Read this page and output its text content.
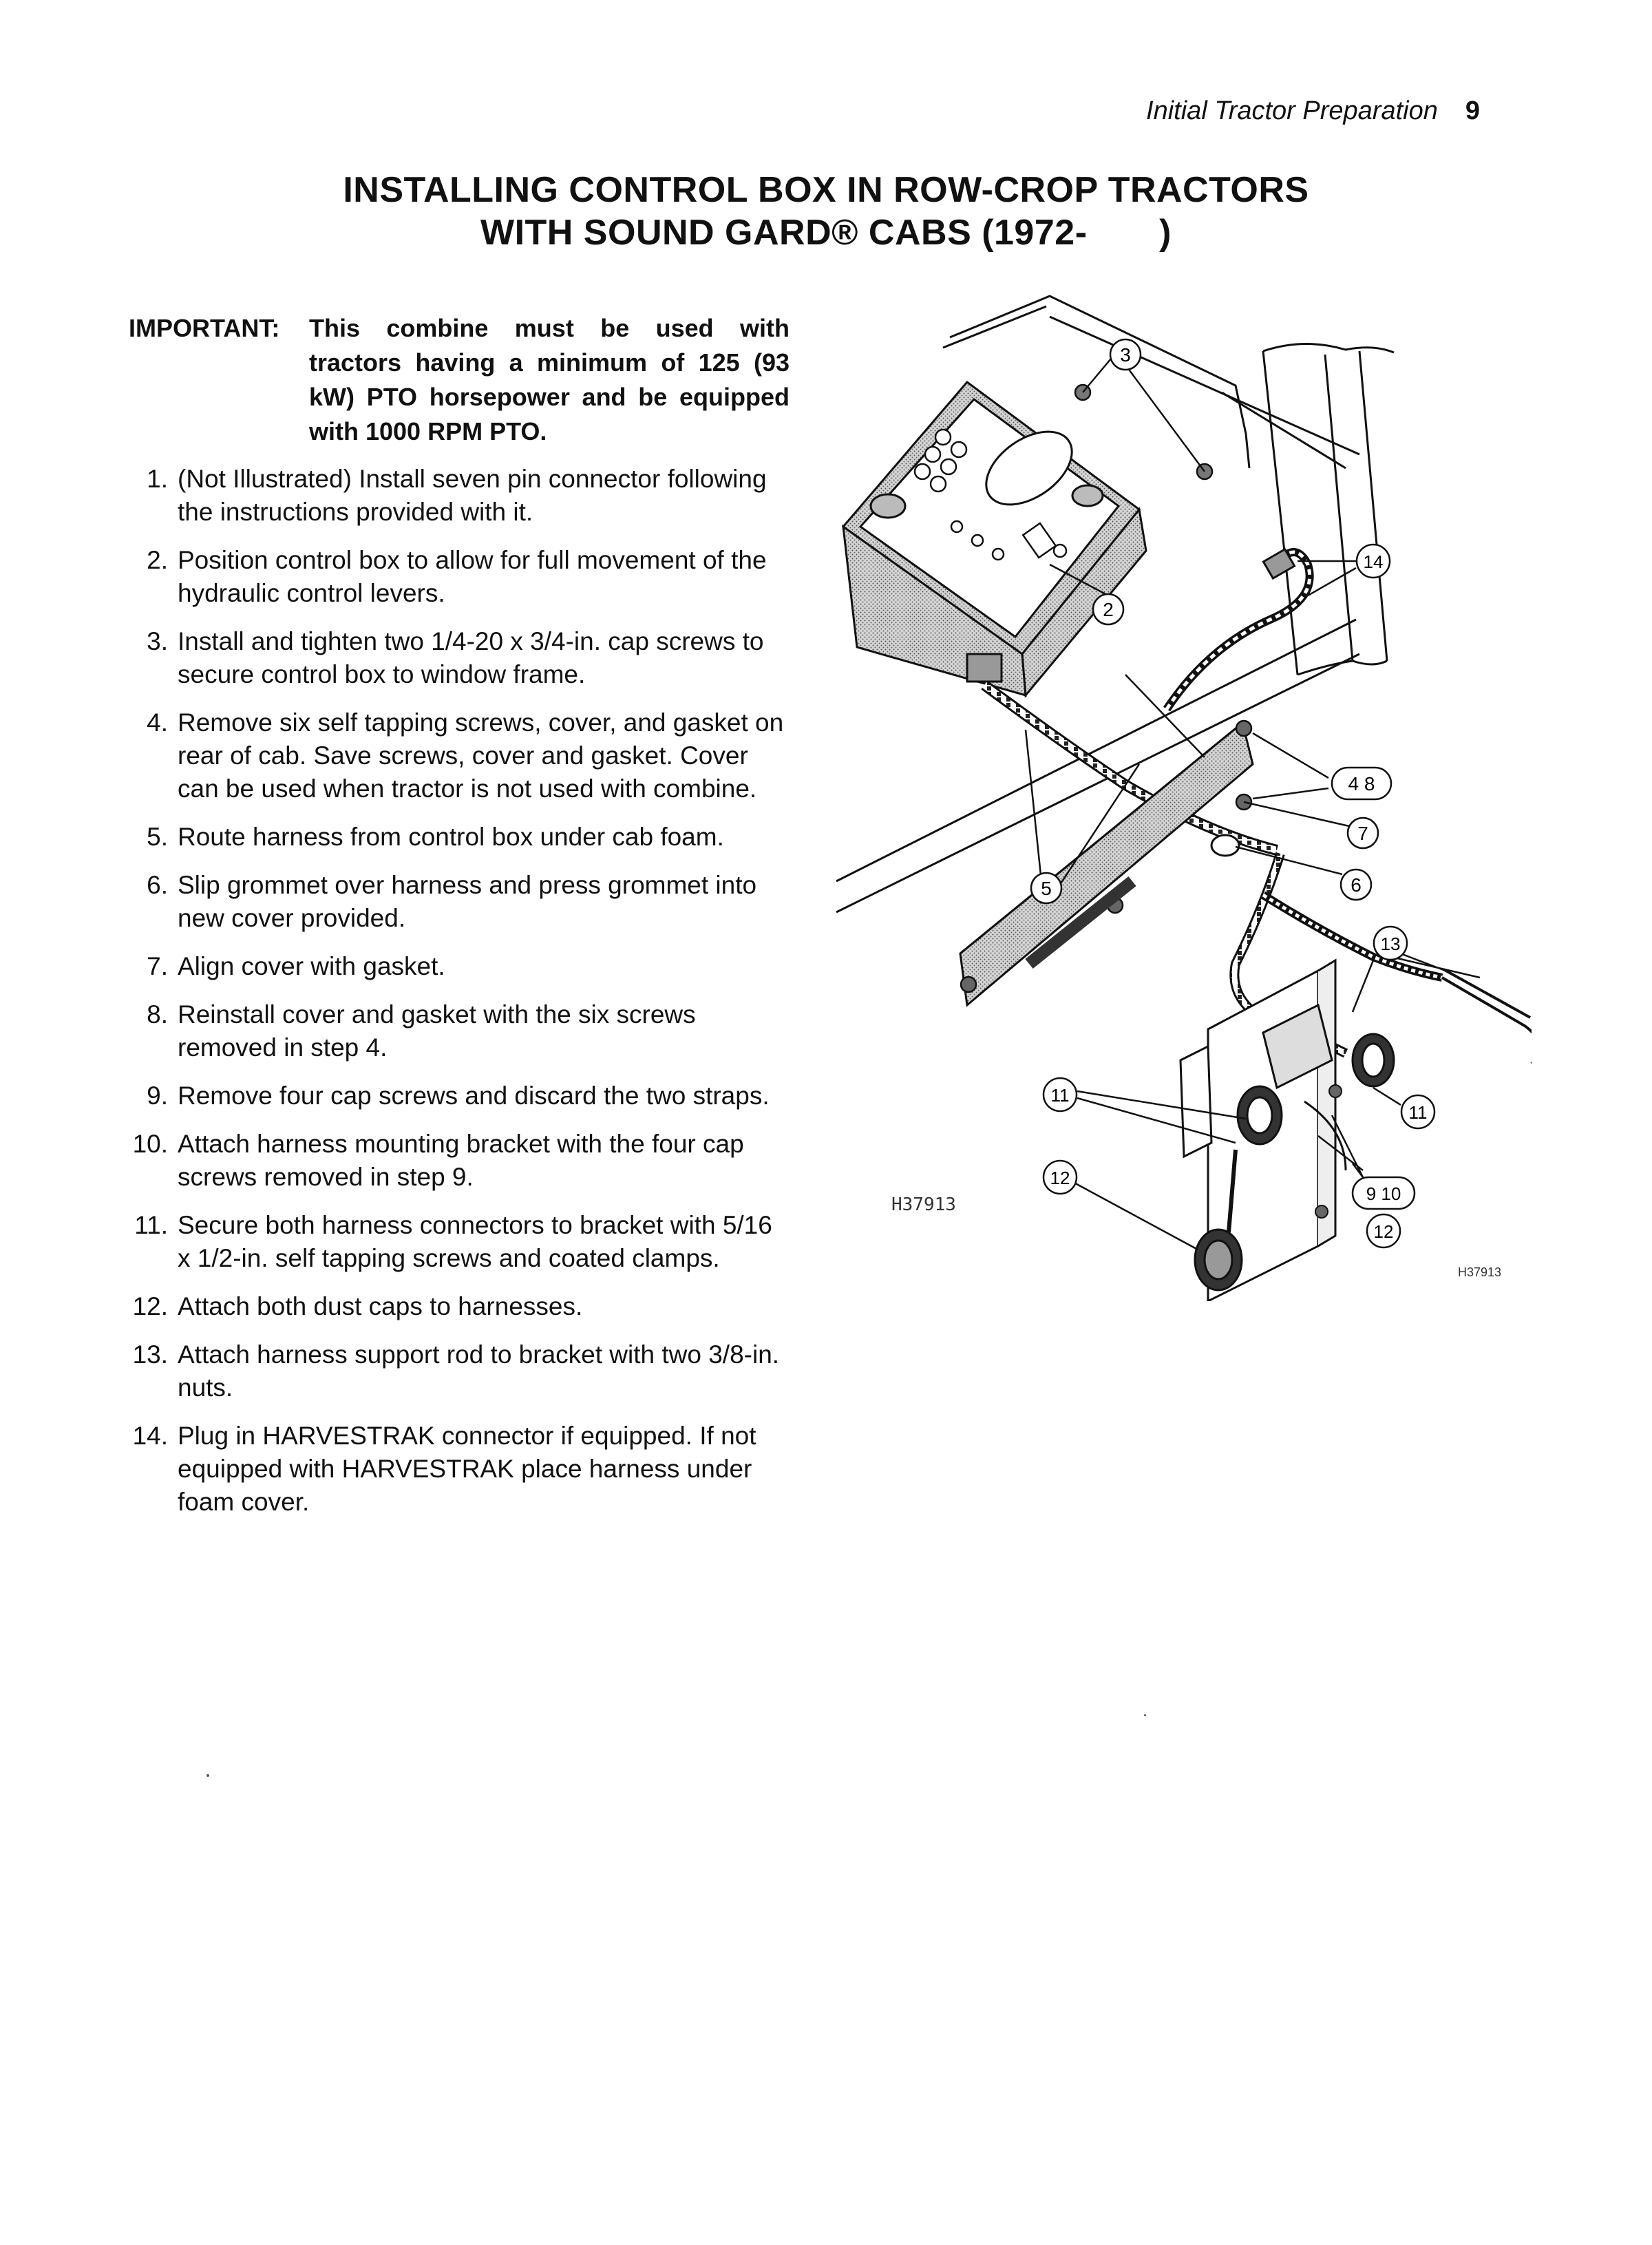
Initial Tractor Preparation 9
INSTALLING CONTROL BOX IN ROW-CROP TRACTORS
WITH SOUND GARD® CABS (1972-       )
IMPORTANT:	This combine must be used with tractors having a minimum of 125 (93 kW) PTO horsepower and be equipped with 1000 RPM PTO.
1. (Not Illustrated) Install seven pin connector following the instructions provided with it.
2. Position control box to allow for full movement of the hydraulic control levers.
3. Install and tighten two 1/4-20 x 3/4-in. cap screws to secure control box to window frame.
4. Remove six self tapping screws, cover, and gasket on rear of cab. Save screws, cover and gasket. Cover can be used when tractor is not used with combine.
5. Route harness from control box under cab foam.
6. Slip grommet over harness and press grommet into new cover provided.
7. Align cover with gasket.
8. Reinstall cover and gasket with the six screws removed in step 4.
9. Remove four cap screws and discard the two straps.
10. Attach harness mounting bracket with the four cap screws removed in step 9.
11. Secure both harness connectors to bracket with 5/16 x 1/2-in. self tapping screws and coated clamps.
12. Attach both dust caps to harnesses.
13. Attach harness support rod to bracket with two 3/8-in. nuts.
14. Plug in HARVESTRAK connector if equipped. If not equipped with HARVESTRAK place harness under foam cover.
3
14
2
4 8
7
5	6
13
11
11
12
9 10
12
H37913
H37913
